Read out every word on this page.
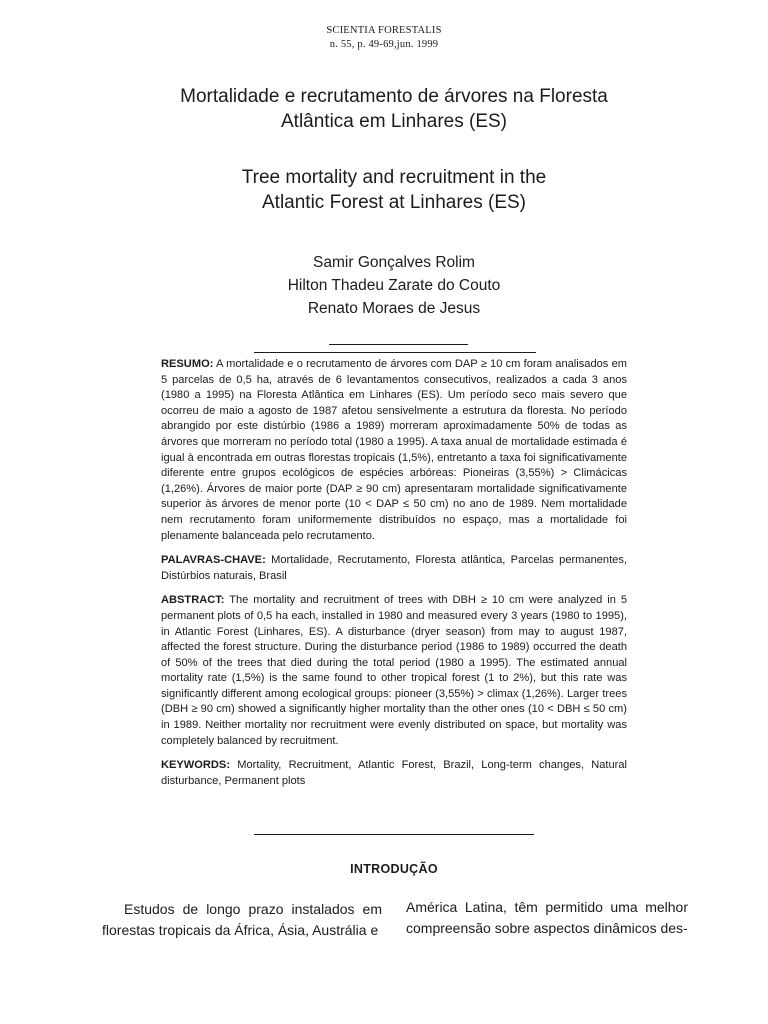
SCIENTIA FORESTALIS
n. 55, p. 49-69,jun. 1999
Mortalidade e recrutamento de árvores na Floresta
Atlântica em Linhares (ES)
Tree mortality and recruitment in the
Atlantic Forest at Linhares (ES)
Samir Gonçalves Rolim
Hilton Thadeu Zarate do Couto
Renato Moraes de Jesus

RESUMO: A mortalidade e o recrutamento de árvores com DAP ≥ 10 cm foram analisados em 5 parcelas de 0,5 ha, através de 6 levantamentos consecutivos, realizados a cada 3 anos (1980 a 1995) na Floresta Atlântica em Linhares (ES). Um período seco mais severo que ocorreu de maio a agosto de 1987 afetou sensivelmente a estrutura da floresta. No período abrangido por este distúrbio (1986 a 1989) morreram aproximadamente 50% de todas as árvores que morreram no período total (1980 a 1995). A taxa anual de mortalidade estimada é igual à encontrada em outras florestas tropicais (1,5%), entretanto a taxa foi significativamente diferente entre grupos ecológicos de espécies arbóreas: Pioneiras (3,55%) > Climácicas (1,26%). Árvores de maior porte (DAP ≥ 90 cm) apresentaram mortalidade significativamente superior às árvores de menor porte (10 < DAP ≤ 50 cm) no ano de 1989. Nem mortalidade nem recrutamento foram uniformemente distribuídos no espaço, mas a mortalidade foi plenamente balanceada pelo recrutamento.

PALAVRAS-CHAVE: Mortalidade, Recrutamento, Floresta atlântica, Parcelas permanentes, Distúrbios naturais, Brasil

ABSTRACT: The mortality and recruitment of trees with DBH ≥ 10 cm were analyzed in 5 permanent plots of 0,5 ha each, installed in 1980 and measured every 3 years (1980 to 1995), in Atlantic Forest (Linhares, ES). A disturbance (dryer season) from may to august 1987, affected the forest structure. During the disturbance period (1986 to 1989) occurred the death of 50% of the trees that died during the total period (1980 a 1995). The estimated annual mortality rate (1,5%) is the same found to other tropical forest (1 to 2%), but this rate was significantly different among ecological groups: pioneer (3,55%) > climax (1,26%). Larger trees (DBH ≥ 90 cm) showed a significantly higher mortality than the other ones (10 < DBH ≤ 50 cm) in 1989. Neither mortality nor recruitment were evenly distributed on space, but mortality was completely balanced by recruitment.

KEYWORDS: Mortality, Recruitment, Atlantic Forest, Brazil, Long-term changes, Natural disturbance, Permanent plots

INTRODUÇÃO
Estudos de longo prazo instalados em florestas tropicais da África, Ásia, Austrália e
América Latina, têm permitido uma melhor compreensão sobre aspectos dinâmicos des-
